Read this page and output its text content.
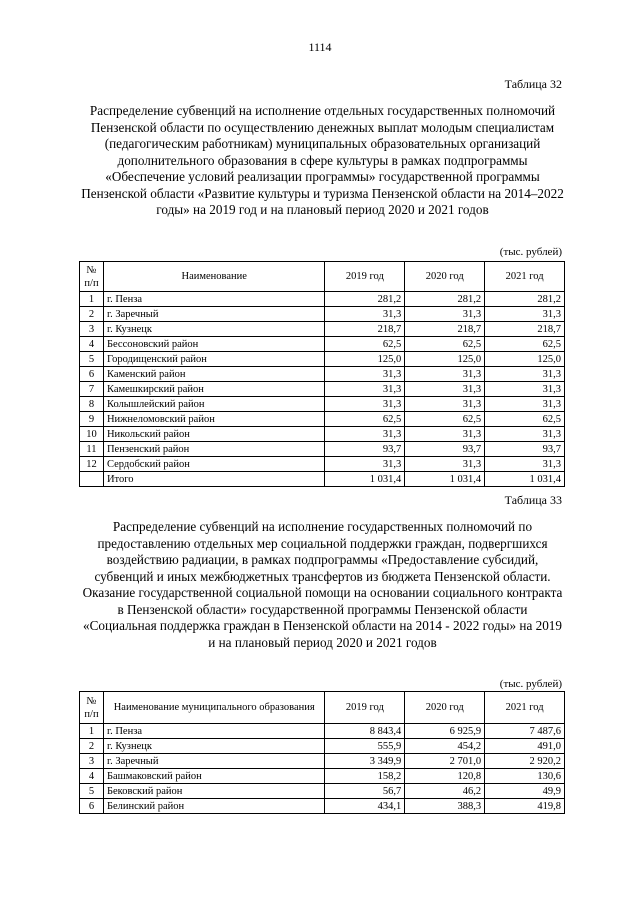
1114
Таблица 32
Распределение субвенций на исполнение отдельных государственных полномочий Пензенской области по осуществлению денежных выплат молодым специалистам (педагогическим работникам) муниципальных образовательных организаций дополнительного образования в сфере культуры в рамках подпрограммы «Обеспечение условий реализации программы» государственной программы Пензенской области «Развитие культуры и туризма Пензенской области на 2014–2022 годы» на 2019 год и на плановый период 2020 и 2021 годов
(тыс. рублей)
№ п/п	Наименование	2019 год	2020 год	2021 год
1	г. Пенза	281,2	281,2	281,2
2	г. Заречный	31,3	31,3	31,3
3	г. Кузнецк	218,7	218,7	218,7
4	Бессоновский район	62,5	62,5	62,5
5	Городищенский район	125,0	125,0	125,0
6	Каменский район	31,3	31,3	31,3
7	Камешкирский район	31,3	31,3	31,3
8	Колышлейский район	31,3	31,3	31,3
9	Нижнеломовский район	62,5	62,5	62,5
10	Никольский район	31,3	31,3	31,3
11	Пензенский район	93,7	93,7	93,7
12	Сердобский район	31,3	31,3	31,3
	Итого	1 031,4	1 031,4	1 031,4
Таблица 33
Распределение субвенций на исполнение государственных полномочий по предоставлению отдельных мер социальной поддержки граждан, подвергшихся воздействию радиации, в рамках подпрограммы «Предоставление субсидий, субвенций и иных межбюджетных трансфертов из бюджета Пензенской области. Оказание государственной социальной помощи на основании социального контракта в Пензенской области» государственной программы Пензенской области «Социальная поддержка граждан в Пензенской области на 2014 - 2022 годы» на 2019 и на плановый период 2020 и 2021 годов
(тыс. рублей)
№ п/п	Наименование муниципального образования	2019 год	2020 год	2021 год
1	г. Пенза	8 843,4	6 925,9	7 487,6
2	г. Кузнецк	555,9	454,2	491,0
3	г. Заречный	3 349,9	2 701,0	2 920,2
4	Башмаковский район	158,2	120,8	130,6
5	Бековский район	56,7	46,2	49,9
6	Белинский район	434,1	388,3	419,8
